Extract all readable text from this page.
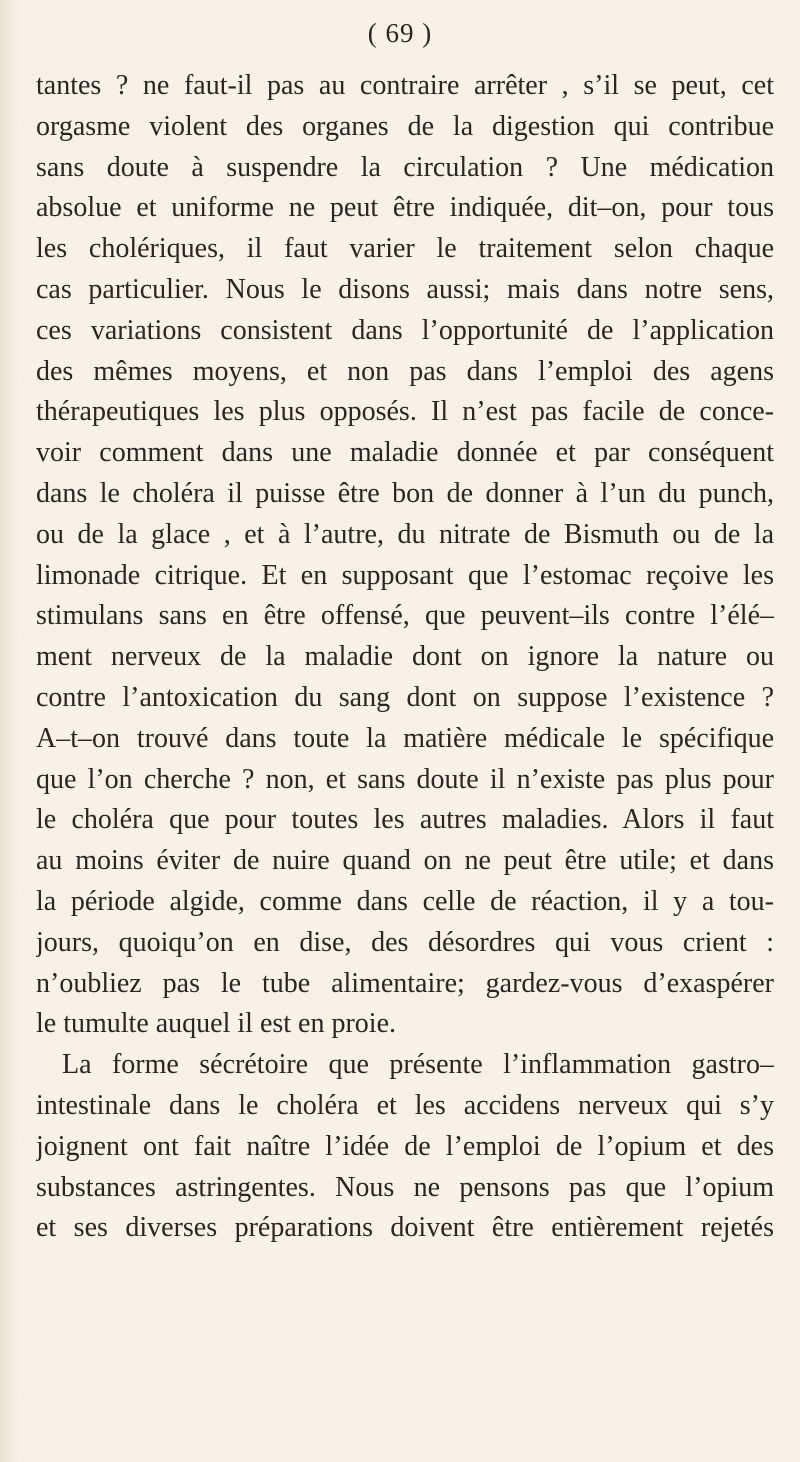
( 69 )
tantes ? ne faut-il pas au contraire arrêter , s’il se peut, cet
orgasme violent des organes de la digestion qui contribue
sans doute à suspendre la circulation ? Une médication
absolue et uniforme ne peut être indiquée, dit–on, pour tous
les cholériques, il faut varier le traitement selon chaque
cas particulier. Nous le disons aussi; mais dans notre sens,
ces variations consistent dans l’opportunité de l’application
des mêmes moyens, et non pas dans l’emploi des agens
thérapeutiques les plus opposés. Il n’est pas facile de conce-
voir comment dans une maladie donnée et par conséquent
dans le choléra il puisse être bon de donner à l’un du punch,
ou de la glace , et à l’autre, du nitrate de Bismuth ou de la
limonade citrique. Et en supposant que l’estomac reçoive les
stimulans sans en être offensé, que peuvent–ils contre l’élé–
ment nerveux de la maladie dont on ignore la nature ou
contre l’antoxication du sang dont on suppose l’existence ?
A–t–on trouvé dans toute la matière médicale le spécifique
que l’on cherche ? non, et sans doute il n’existe pas plus pour
le choléra que pour toutes les autres maladies. Alors il faut
au moins éviter de nuire quand on ne peut être utile; et dans
la période algide, comme dans celle de réaction, il y a tou-
jours, quoiqu’on en dise, des désordres qui vous crient :
n’oubliez pas le tube alimentaire; gardez-vous d’exaspérer
le tumulte auquel il est en proie.
La forme sécrétoire que présente l’inflammation gastro–
intestinale dans le choléra et les accidens nerveux qui s’y
joignent ont fait naître l’idée de l’emploi de l’opium et des
substances astringentes. Nous ne pensons pas que l’opium
et ses diverses préparations doivent être entièrement rejetés
